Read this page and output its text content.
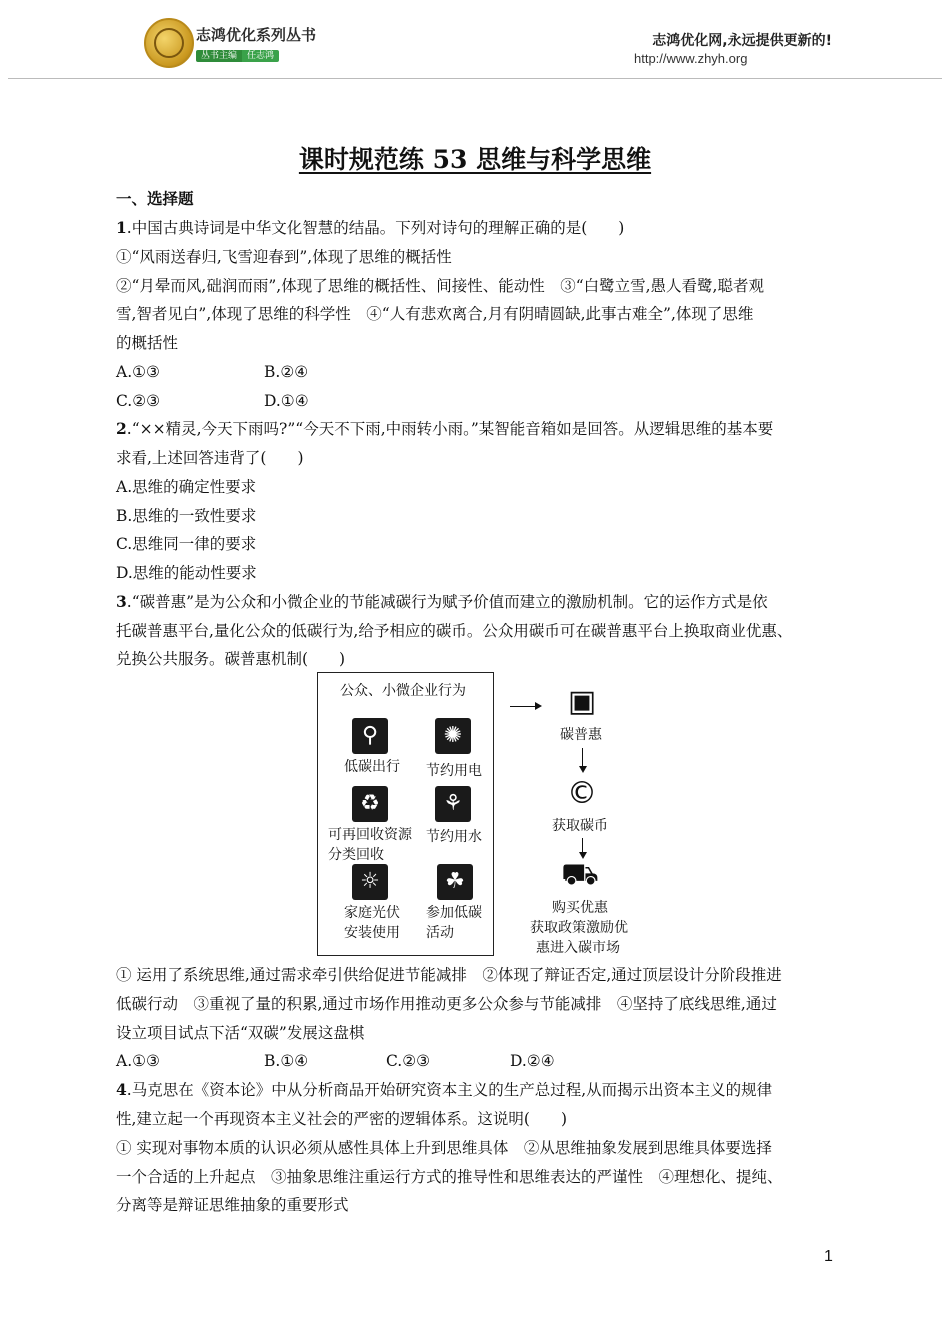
志鸿优化系列丛书
丛书主编 任志鸿
志鸿优化网,永远提供更新的!
http://www.zhyh.org
课时规范练 53 思维与科学思维
一、选择题
1.中国古典诗词是中华文化智慧的结晶。下列对诗句的理解正确的是(　　)
①“风雨送春归,飞雪迎春到”,体现了思维的概括性
②“月晕而风,础润而雨”,体现了思维的概括性、间接性、能动性　③“白鹭立雪,愚人看鹭,聪者观
雪,智者见白”,体现了思维的科学性　④“人有悲欢离合,月有阴晴圆缺,此事古难全”,体现了思维
的概括性
A.①③	B.②④
C.②③	D.①④
2.“××精灵,今天下雨吗?”“今天不下雨,中雨转小雨。”某智能音箱如是回答。从逻辑思维的基本要
求看,上述回答违背了(　　)
A.思维的确定性要求
B.思维的一致性要求
C.思维同一律的要求
D.思维的能动性要求
3.“碳普惠”是为公众和小微企业的节能减碳行为赋予价值而建立的激励机制。它的运作方式是依
托碳普惠平台,量化公众的低碳行为,给予相应的碳币。公众用碳币可在碳普惠平台上换取商业优惠、
兑换公共服务。碳普惠机制(　　)
公众、小微企业行为
⚲
低碳出行
✺
节约用电
♻
可再回收资源
分类回收
⚘
节约用水
☼
家庭光伏
安装使用
☘
参加低碳
活动
▣
碳普惠
©
获取碳币
⛟
购买优惠
获取政策激励优
惠进入碳市场
① 运用了系统思维,通过需求牵引供给促进节能减排　②体现了辩证否定,通过顶层设计分阶段推进
低碳行动　③重视了量的积累,通过市场作用推动更多公众参与节能减排　④坚持了底线思维,通过
设立项目试点下活“双碳”发展这盘棋
A.①③	B.①④	C.②③	D.②④
4.马克思在《资本论》中从分析商品开始研究资本主义的生产总过程,从而揭示出资本主义的规律
性,建立起一个再现资本主义社会的严密的逻辑体系。这说明(　　)
① 实现对事物本质的认识必须从感性具体上升到思维具体　②从思维抽象发展到思维具体要选择
一个合适的上升起点　③抽象思维注重运行方式的推导性和思维表达的严谨性　④理想化、提纯、
分离等是辩证思维抽象的重要形式
1
